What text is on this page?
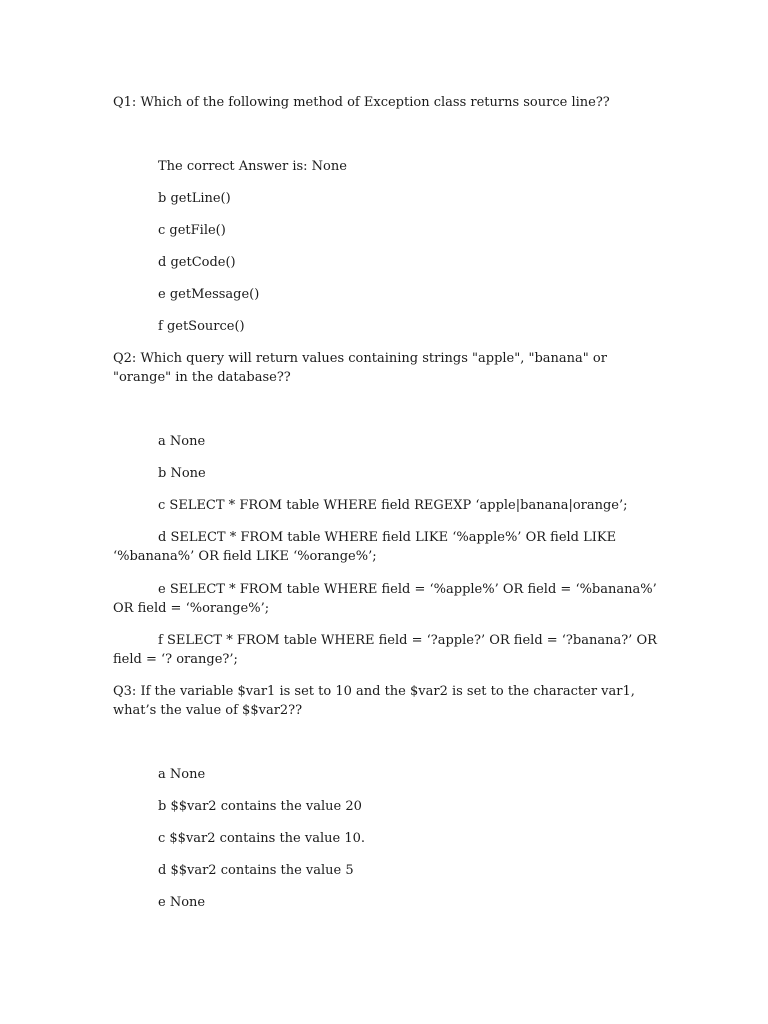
Q1: Which of the following method of Exception class returns source line??

The correct Answer is: None

b getLine()

c getFile()

d getCode()

e getMessage()

f getSource()

Q2: Which query will return values containing strings "apple", "banana" or "orange" in the database??

a None

b None

c SELECT * FROM table WHERE field REGEXP ‘apple|banana|orange’;

d SELECT * FROM table WHERE field LIKE ‘%apple%’ OR field LIKE ‘%banana%’ OR field LIKE ‘%orange%’;

e SELECT * FROM table WHERE field = ‘%apple%’ OR field = ‘%banana%’ OR field = ‘%orange%’;

f SELECT * FROM table WHERE field = ‘?apple?’ OR field = ‘?banana?’ OR field = ‘? orange?’;

Q3: If the variable $var1 is set to 10 and the $var2 is set to the character var1, what’s the value of $$var2??

a None

b $$var2 contains the value 20

c $$var2 contains the value 10.

d $$var2 contains the value 5

e None
